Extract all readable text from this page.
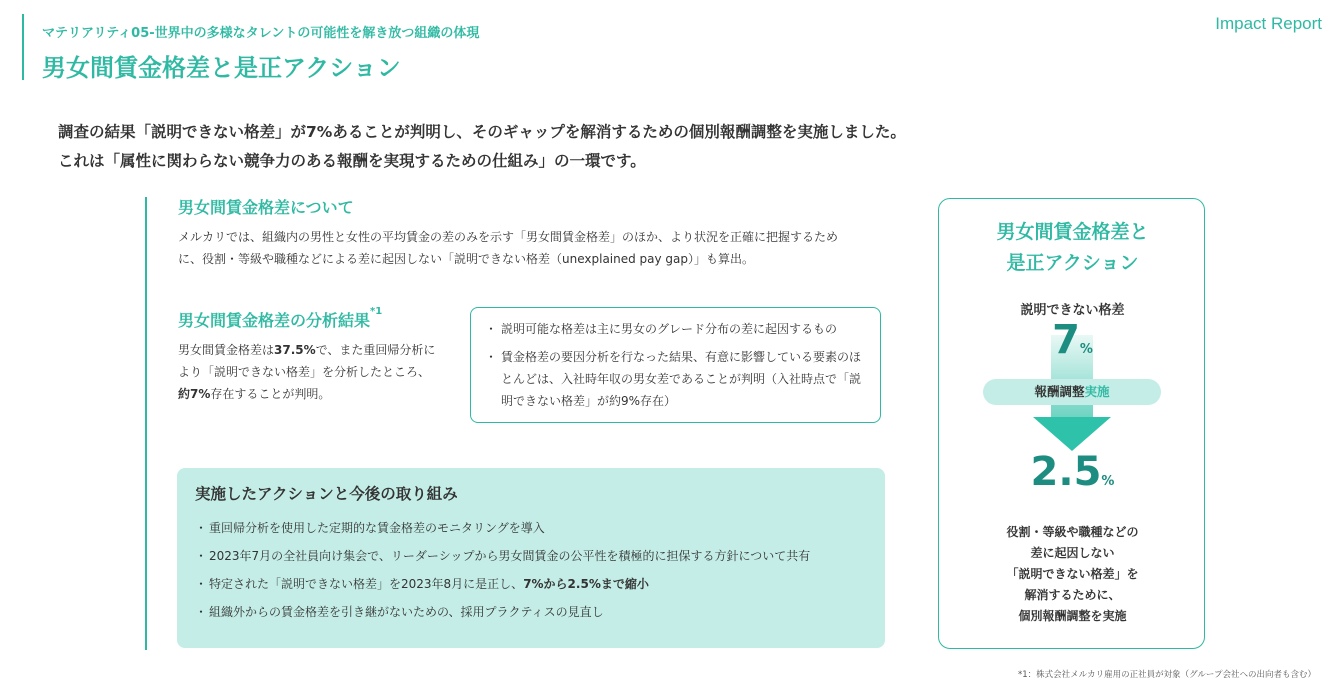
マテリアリティ05-世界中の多様なタレントの可能性を解き放つ組織の体現
男女間賃金格差と是正アクション
Impact Report
調査の結果「説明できない格差」が7%あることが判明し、そのギャップを解消するための個別報酬調整を実施しました。
これは「属性に関わらない競争力のある報酬を実現するための仕組み」の一環です。
男女間賃金格差について
メルカリでは、組織内の男性と女性の平均賃金の差のみを示す「男女間賃金格差」のほか、より状況を正確に把握するため
に、役割・等級や職種などによる差に起因しない「説明できない格差（unexplained pay gap）」も算出。
男女間賃金格差の分析結果$^{*1}$
男女間賃金格差は37.5%で、また重回帰分析に
より「説明できない格差」を分析したところ、
約7%存在することが判明。
・ 説明可能な格差は主に男女のグレード分布の差に起因するもの
・ 賃金格差の要因分析を行なった結果、有意に影響している要素のほとんどは、入社時年収の男女差であることが判明（入社時点で「説明できない格差」が約9%存在）
実施したアクションと今後の取り組み
・ 重回帰分析を使用した定期的な賃金格差のモニタリングを導入
・ 2023年7月の全社員向け集会で、リーダーシップから男女間賃金の公平性を積極的に担保する方針について共有
・ 特定された「説明できない格差」を2023年8月に是正し、7%から2.5%まで縮小
・ 組織外からの賃金格差を引き継がないための、採用プラクティスの見直し
男女間賃金格差と
是正アクション
説明できない格差
7%
報酬調整実施
2.5%
役割・等級や職種などの
差に起因しない
「説明できない格差」を
解消するために、
個別報酬調整を実施
*1：株式会社メルカリ雇用の正社員が対象（グループ会社への出向者も含む）
